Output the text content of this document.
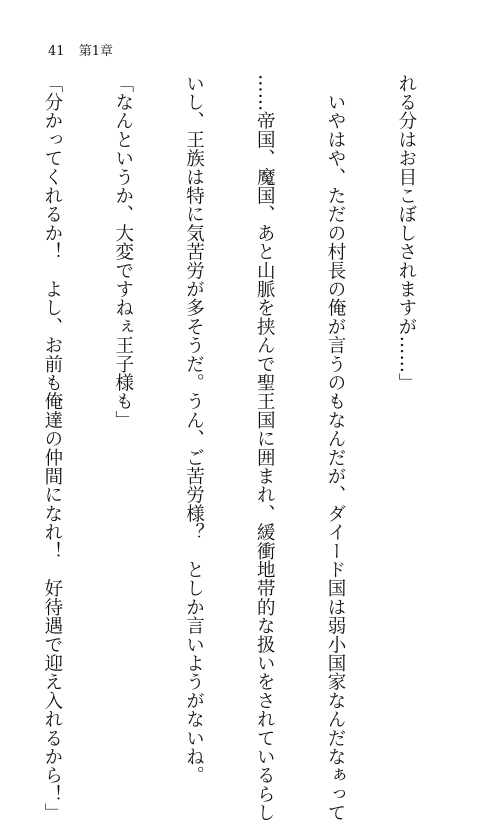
41 第1章

れる分はお目こぼしされますが……」

　いやはや、ただの村長の俺が言うのもなんだが、ダイード国は弱小国家なんだなぁって

……帝国、魔国、あと山脈を挟んで聖王国に囲まれ、緩衝地帯的な扱いをされているらし

いし、王族は特に気苦労が多そうだ。うん、ご苦労様？　としか言いようがないね。

「なんというか、大変ですねぇ王子様も」

「分かってくれるか！　よし、お前も俺達の仲間になれ！　好待遇で迎え入れるから！」
